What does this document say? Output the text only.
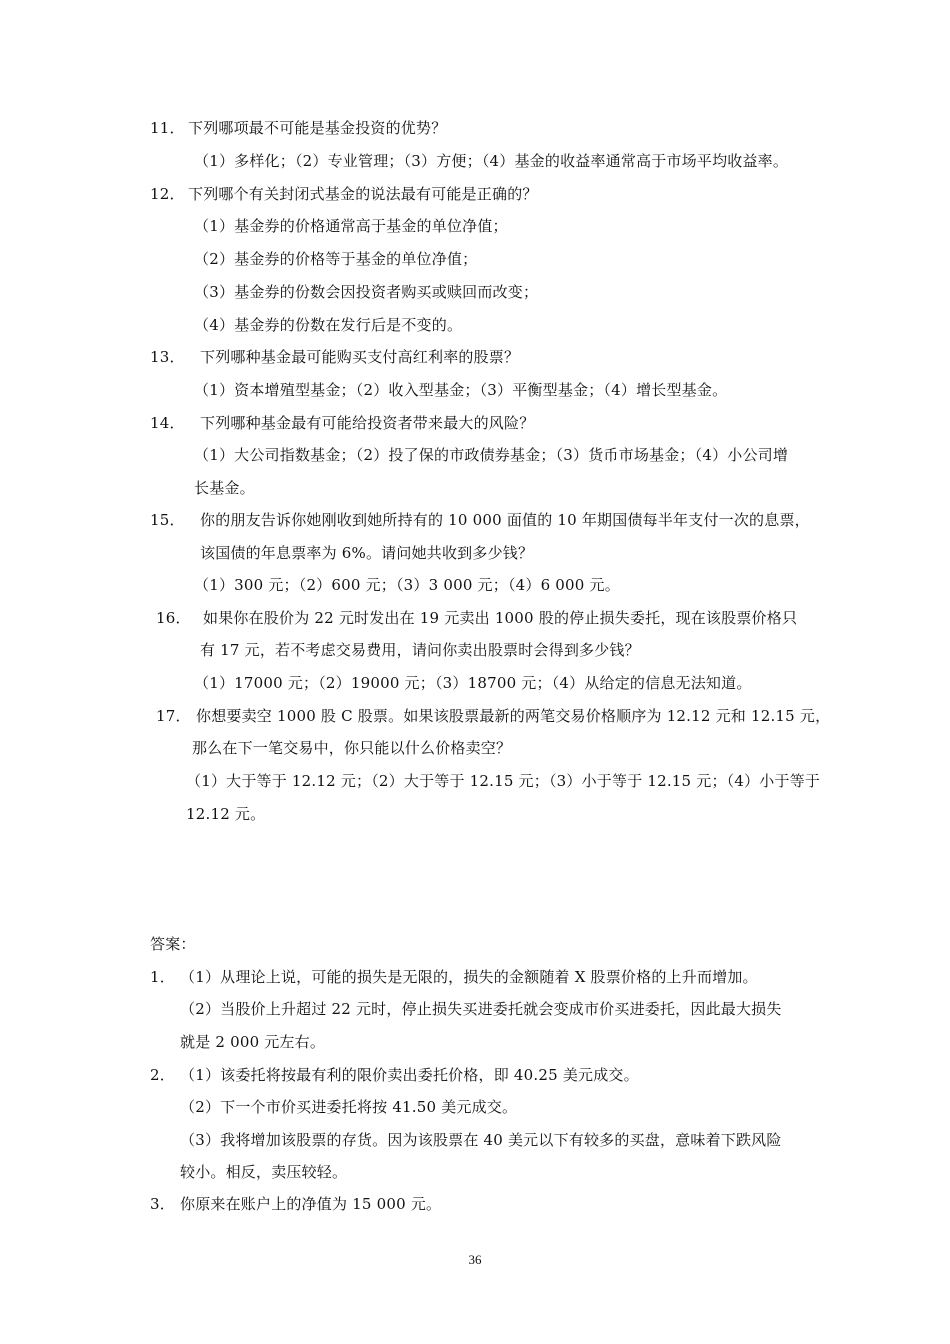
11． 下列哪项最不可能是基金投资的优势？
（1）多样化；（2）专业管理；（3）方便；（4）基金的收益率通常高于市场平均收益率。
12． 下列哪个有关封闭式基金的说法最有可能是正确的？
（1）基金券的价格通常高于基金的单位净值；
（2）基金券的价格等于基金的单位净值；
（3）基金券的份数会因投资者购买或赎回而改变；
（4）基金券的份数在发行后是不变的。
13． 下列哪种基金最可能购买支付高红利率的股票？
（1）资本增殖型基金；（2）收入型基金；（3）平衡型基金；（4）增长型基金。
14． 下列哪种基金最有可能给投资者带来最大的风险？
（1）大公司指数基金；（2）投了保的市政债券基金；（3）货币市场基金；（4）小公司增
长基金。
15． 你的朋友告诉你她刚收到她所持有的 10 000 面值的 10 年期国债每半年支付一次的息票，
该国债的年息票率为 6%。请问她共收到多少钱？
（1）300 元；（2）600 元；（3）3 000 元；（4）6 000 元。
16． 如果你在股价为 22 元时发出在 19 元卖出 1000 股的停止损失委托，现在该股票价格只
有 17 元，若不考虑交易费用，请问你卖出股票时会得到多少钱？
（1）17000 元；（2）19000 元；（3）18700 元；（4）从给定的信息无法知道。
17． 你想要卖空 1000 股 C 股票。如果该股票最新的两笔交易价格顺序为 12.12 元和 12.15 元，
那么在下一笔交易中，你只能以什么价格卖空？
（1）大于等于 12.12 元；（2）大于等于 12.15 元；（3）小于等于 12.15 元；（4）小于等于
12.12 元。
答案：
1． （1）从理论上说，可能的损失是无限的，损失的金额随着 X 股票价格的上升而增加。
（2）当股价上升超过 22 元时，停止损失买进委托就会变成市价买进委托，因此最大损失
就是 2 000 元左右。
2． （1）该委托将按最有利的限价卖出委托价格，即 40.25 美元成交。
（2）下一个市价买进委托将按 41.50 美元成交。
（3）我将增加该股票的存货。因为该股票在 40 美元以下有较多的买盘，意味着下跌风险
较小。相反，卖压较轻。
3． 你原来在账户上的净值为 15 000 元。
36
